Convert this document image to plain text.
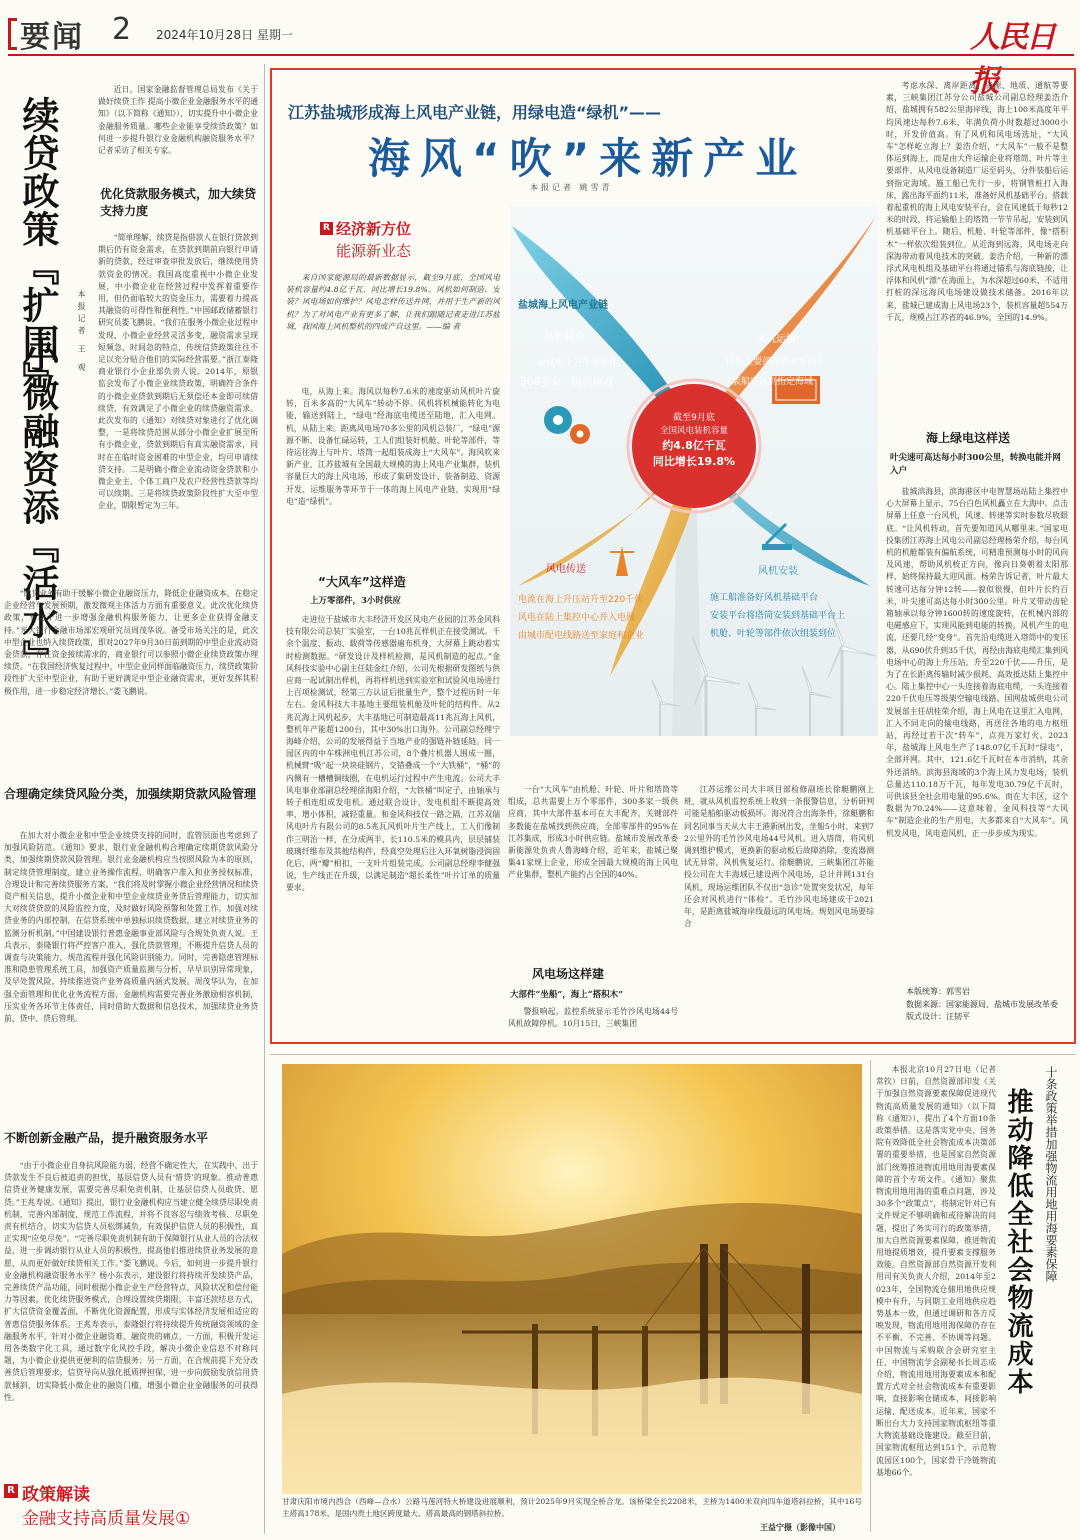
要闻 2 2024年10月28日 星期一	人民日报
续贷政策『扩围』
小微融资添『活水』
本报记者 王 观

近日，国家金融监督管理总局发布《关于做好续贷工作 提高小微企业金融服务水平的通知》（以下简称《通知》），切实提升中小微企业金融服务质量。哪些企业能享受续贷政策？如何进一步提升银行业金融机构融资服务水平？记者采访了相关专家。

优化贷款服务模式，加大续贷支持力度

“简单理解，续贷是指借款人在银行贷款到期后仍有资金需求，在贷款到期前向银行申请新的贷款，经过审查审批发放后，继续使用贷款资金的情况。我国高度重视中小微企业发展，中小微企业在经营过程中发挥着重要作用，但仍面临较大的资金压力，需要着力提高其融资的可得性和便利性。”中国邮政储蓄银行研究员娄飞鹏说。“我们在服务小微企业过程中发现，小微企业经营灵活多变，融资需求呈现短频急，时间急的特点，传统信贷政策往往不足以充分贴合他们的实际经营需要。”浙江泰隆商业银行小企业部负责人说。2014年，原银监会发布了小微企业续贷政策，明确符合条件的小微企业贷款到期后无须偿还本金即可续借续贷，有效满足了小微企业的续贷融资需求。此次发布的《通知》对续贷对象进行了优化调整，一是将续贷范围从部分小微企业扩展至所有小微企业，贷款到期后有真实融资需求，同时在在临时资金困难的中型企业，均可申请续贷支持。二是明确小微企业流动资金贷款和小微企业主、个体工商户及农户经营性贷款等均可以续期。三是将续贷政策阶段性扩大至中型企业，期限暂定为三年。

“续贷业务有助于缓解小微企业融资压力，降低企业融资成本，在稳定企业经营与发展预期，激发微观主体活力方面有重要意义。此次优化续贷政策，有助于进一步增强金融机构服务能力，让更多企业获得金融支持。”光大银行金融市场部宏观研究员周茂华说。备受市场关注的是，此次中型企业也纳入续贷政策，即对2027年9月30日前到期的中型企业流动资金贷款，存在资金接续需求的，商业银行可以参照小微企业续贷政策办理续贷。“在我国经济恢复过程中，中型企业同样面临融资压力，续贷政策阶段性扩大至中型企业，有助于更好满足中型企业融资需求，更好发挥其积极作用，进一步稳定经济增长。”娄飞鹏说。

合理确定续贷风险分类，加强续期贷款风险管理

在加大对小微企业和中型企业续贷支持的同时，监管层面也考虑到了加强风险防范。《通知》要求，银行业金融机构合理确定续期贷款风险分类，加强续期贷款风险管理。银行业金融机构应当按照风险为本的原则，制定续贷管理制度，建立业务操作流程，明确客户准入和业务授权标准，合理设计和完善续贷服务方案。“我们将及时掌握小微企业经营情况和续贷资产相关信息，提升小微企业和中型企业续贷业务贷后管理能力，切实加大对续贷贷款的风险监控力度，及时做好风险预警和处置工作。加强对续贷业务的内部控制，在信贷系统中单独标识续贷数据，建立对续贷业务的监测分析机制。”中国建设银行普惠金融事业部风险与合规处负责人说。王兵表示，泰隆银行将严控客户准入，强化贷款管理，不断提升信贷人员的调查与决策能力，规范流程并强化风险识别能力。同时，完善隐患管理标准和隐患管理系统工具，加强资产质量监测与分析，早早识别异常现象，及早处置风险，持续推进资产业务高质量内涵式发展。周茂华认为，在加强全面管理和优化业务流程方面，金融机构需要完善业务激励相容机制，压实业务各环节主体责任，同时借助大数据和信息技术，加强续贷业务贷前、贷中、贷后管理。

不断创新金融产品，提升融资服务水平

“由于小微企业自身抗风险能力弱，经营不确定性大，在实践中，出于贷款发生不良后被追责的担忧，基层信贷人员有‘惜贷’的现象。推动普惠信贷业务健康发展，需要完善尽职免责机制，让基层信贷人员敢贷、愿贷。”王兆寿说。《通知》提出，银行业金融机构应当建立健全续贷尽职免责机制，完善内部制度，规范工作流程，并将不良容忍与绩效考核、尽职免责有机结合，切实为信贷人员松绑减负，有效保护信贷人员的积极性，真正实现“应免尽免”。“完善尽职免责机制有助于保障银行从业人员的合法权益，进一步调动银行从业人员的积极性，提高他们推进续贷业务发展的意愿，从而更好做好续贷相关工作。”娄飞鹏说。今后，如何进一步提升银行业金融机构融资服务水平？杨小东表示，建设银行将持续开发续贷产品，完善续贷产品功能，同时根据小微企业生产经营特点，风险状况和偿付能力等因素，优化续贷服务模式，合理设置续贷期限，丰富还款结息方式，扩大信贷资金覆盖面，不断优化资源配置，形成与实体经济发展相适应的普惠信贷服务体系。王兆寿表示，泰隆银行将持续提升传统融资领域的金融服务水平，针对小微企业融资难、融资贵的痛点，一方面，积极开发运用各类数字化工具，通过数字化风控手段，解决小微企业信息不对称问题，为小微企业提供更便利的信贷服务；另一方面，在合规前提下充分改善贷后管理要求，信贷导向从强化抵质押担保，进一步向鼓励发放信用贷款倾斜，切实降低小微企业的融资门槛，增强小微企业金融服务的可获得性。

R 政策解读
金融支持高质量发展①
江苏盐城形成海上风电产业链，用绿电造“绿机”——
海风“吹”来新产业
本报记者 姚雪青
盐城海上风电产业链
风机制造
一台风机上万个零部件
300多家一级供应商
风机运输
风机主要部件被运至码头
装船后运到指定海域
截至9月底
全国风电装机容量
约4.8亿千瓦
同比增长19.8%
风电传送
电流在海上升压站升至220千伏
风电在陆上集控中心并入电网
由城市配电线路送至家庭和企业
风机安装
施工船准备好风机基础平台
安装平台将塔筒安装到基础平台上
机舱、叶轮等部件依次组装到位
R 经济新方位
能源新业态

来自国家能源局的最新数据显示，截至9月底，全国风电装机容量约4.8亿千瓦，同比增长19.8%。风机如何制造、安装？风电场如何维护？风电怎样传送并网，并用于生产新的风机？为了对风电产业有更多了解，让我们跟随记者走进江苏盐城，我国海上风机整机的四成产自这里。——编 者

电，从海上来。海风以每秒7.6米的速度驱动风机叶片旋转，百米多高的“大风车”转动不停。风机将机械能转化为电能，输送到陆上，“绿电”经海底电缆送至陆地，汇入电网。机，从陆上来。距离风电场70多公里的风机总装厂，“绿电”源源不断，设备忙碌运转，工人们组装好机舱、叶轮等部件，等待运往海上与叶片、塔筒一起组装成海上“大风车”。海风吹来新产业，江苏盐城有全国最大规模的海上风电产业集群，装机容量巨大的海上风电场，形成了集研发设计、装备制造、资源开发、运维服务等环节于一体的海上风电产业链，实现用“绿电”造“绿机”。

“大风车”这样造
上万零部件，3小时供应

走进位于盐城市大丰经济开发区风电产业园的江苏金风科技有限公司总装厂实验室，一台10兆瓦样机正在接受测试。千余个温度、振动、载荷等传感器遍布机身，大屏幕上跳动着实时检测数据。“研发设计及样机检测，是风机制造的起点。”金风科技实验中心副主任陆金红介绍，公司先根据研发图纸与供应商一起试制出样机，再将样机送到实验室和试验风电场进行上百项检测试，经第三方认证后批量生产，整个过程历时一年左右。金风科技大丰基地主要组装机舱及叶轮的结构件。从2兆瓦海上风机起步，大丰基地已可制造最高11兆瓦海上风机，整机年产能超1200台，其中30%出口海外。公司副总经理宁海峰介绍，公司的发展得益于当地产业的强链补链延链。同一园区内的中车株洲电机江苏公司，8个叠片机器人围成一圈，机械臂“吸”起一块块硅钢片，交错叠成一个“大铁桶”，“桶”的内侧有一槽槽铜线圈，在电机运行过程中产生电流。公司大丰风电事业部副总经理徐海阳介绍，“大铁桶”叫定子，由轴承与转子相连组成发电机。通过联合设计，发电机组不断提高效率，增小体积，减轻重量。和金风科技仅一路之隔，江苏双瑞风电叶片有限公司的8.5兆瓦风机叶片生产线上，工人们像制作三明治一样，在分成两半、长110.5米的模具内，层层铺装玻璃纤维布及其他结构件，经真空处理后注入环氧树脂浸润固化后，两“瓣”相扣，一支叶片组装完成。公司副总经理李健强说，生产线正在升级，以满足制造“超长柔性”叶片订单的质量要求。

一台“大风车”由机舱、叶轮、叶片和塔筒等组成，总共需要上万个零部件，300多家一级供应商，其中大部件基本可在大丰配齐，关键部件多数能在盐城找到供应商，全部零部件的95%在江苏集成，形成3小时供应链。盐城市发展改革委新能源处负责人鲁海峰介绍，近年来，盐城已聚集41家规上企业，形成全国最大规模的海上风电产业集群，整机产能约占全国的40%。

风电场这样建
大部件“坐船”，海上“搭积木”

警报响起，监控系统显示毛竹沙风电场44号风机故障停机。10月15日，三峡集团

江苏运维公司大丰项目部检修副班长徐艇鹏刚上班，就从风机监控系统上收到一条报警信息，分析研判可能是船舶驱动板损坏。海况符合出海条件，徐艇鹏和同名同事当天从大丰王港新闸出发，坐船5小时，来到72公里外的毛竹沙风电场44号风机。进入塔筒，将风机调到维护模式，更换新的驱动板后故障消除，变流器测试无异常，风机恢复运行。徐艇鹏说，三峡集团江苏能投公司在大丰海域已建设两个风电场，总计并网131台风机，现场运维团队不仅出“急诊”处置突发状况，每年还会对风机进行“体检”。毛竹沙风电场建成于2021年，是距离盐城海岸线最远的风电场。规划风电场要综合

考虑水深、离岸距离、资源、地质、通航等要素，三峡集团江苏分公司盐城公司副总经理姜浩介绍，盐城拥有582公里海岸线，海上100米高度年平均风速达每秒7.6米，年满负荷小时数超过3000小时，开发价值高。有了风机和风电场选址，“大风车”怎样屹立海上？姜浩介绍，“大风车”一般不是整体运到海上，而是由大件运输企业将塔筒、叶片等主要部件，从风电设备制造厂运至码头，分件装船后运到指定海域。施工船已先行一步，将钢管桩打入海床，露出海平面约11米，准备好风机基础平台。搭载着起重机的海上风电安装平台，会在风速低于每秒12米的时段，将运输船上的塔筒一节节吊起，安装到风机基础平台上。随后，机舱、叶轮等部件，像“搭积木”一样依次组装到位。从近海到远海，风电场走向深海带动着风电技术的突破。姜浩介绍，一种新的漂浮式风电机组及基础平台将通过锚系与海底链接，让浮体和风机“漂”在海面上，为水深超过60米、不适用打桩的深远海风电场建设做技术储备。2016年以来，盐城已建成海上风电场23个，装机容量超554万千瓦，规模占江苏省的46.9%，全国的14.9%。

海上绿电这样送
叶尖速可高达每小时300公里，转换电能并网入户

盐城滨海县，滨海港区中电智慧场站陆上集控中心大屏幕上显示，75台白色风机矗立在大海中。点击屏幕上任意一台风机，风速、转速等实时参数尽收眼底。“让风机转动，首先要知道风从哪里来。”国家电投集团江苏海上风电公司副总经理杨荣介绍，每台风机的机舱都装有偏航系统，可精准预测每小时的风向及风速，帮助风机校正方向，像向日葵朝着太阳那样，始终保持最大迎风面。杨荣告诉记者，叶片最大转速可达每分钟12转——貌似很慢，但叶片长约百米，叶尖速可高达每小时300公里。叶片叉带动齿轮箱轴承以每分钟1600转的速度旋转，在机械内部的电磁感应下，实现风能到电能的转换。风机产生的电流，还要几经“变身”。首先沿电缆进入塔筒中的变压器，从690伏升到35千伏，再经由海底电缆汇集到风电场中心的海上升压站，升至220千伏——升压，是为了在长距离传输时减少损耗，高效抵达陆上集控中心。陆上集控中心一头连接着海底电缆，一头连接着220千伏电压等级架空输电线路。国网盐城供电公司发展部主任胡桂荣介绍，海上风电在这里汇入电网，汇入不同走向的输电线路，再送往各地的电力枢纽站，再经过若干次“转车”，点亮万家灯火。2023年，盐城海上风电生产了148.07亿千瓦时“绿电”，全部并网。其中，121.6亿千瓦时在本市消纳，其余外送消纳。滨海县海域的3个海上风力发电场，装机总量达110.18万千瓦，每年发电30.79亿千瓦时，可供该县全社会用电量的95.6%。而在大丰区，这个数据为70.24%——这意味着，金风科技等“大风车”制造企业的生产用电，大多都来自“大风车”。风机发风电，风电造风机，正一步步成为现实。

本版统筹：郭雪岩
数据来源：国家能源局、盐城市发展改革委
版式设计：汪韧平
甘肃庆阳市境内西合（西峰—合水）公路马莲河特大桥建设进展顺利，预计2025年9月实现全桥合龙。该桥梁全长2208米，主桥为1400米双向四车道塔斜拉桥，其中16号主塔高178米，是国内贵土地区跨度最大、塔高最高的钢塔斜拉桥。
王益宁摄（影像中国）

本报北京10月27日电（记者常钦）日前，自然资源部印发《关于加强自然资源要素保障促进现代物流高质量发展的通知》（以下简称《通知》），提出了4个方面10条政策举措。这是落实党中央、国务院有效降低全社会物流成本决策部署的重要举措，也是国家自然资源部门统筹推进物流用地用海要素保障的首个专项文件。《通知》聚焦物流用地用海的重难点问题，涉及30多个“政策点”，将制定针对已有文件规定不够明确和或待解决的问题，提出了务实可行的政策举措，加大自然资源要素保障，推进物流用地提质增效，提升要素支撑服务效能。自然资源部自然资源开发利用司有关负责人介绍，2014年至2023年，全国物流仓储用地供应规模中有升，与同期工业用地供应趋势基本一致，但通过调研和各方反映发现，物流用地用海保障仍存在不平衡、不完善、不协调等问题。中国物流与采购联合会研究室主任、中国物流学会副秘书长周志成介绍，物流用地用海要素成本和配置方式对全社会物流成本有重要影响，直接影响仓储成本，间接影响运输、配送成本。近年来，国家不断出台大力支持国家物流枢纽等重大物流基础设施建设。截至目前，国家物流枢纽达到151个，示范物流园区100个，国家骨干冷链物流基地66个。

十条政策举措加强物流用地用海要素保障
推动降低全社会物流成本
